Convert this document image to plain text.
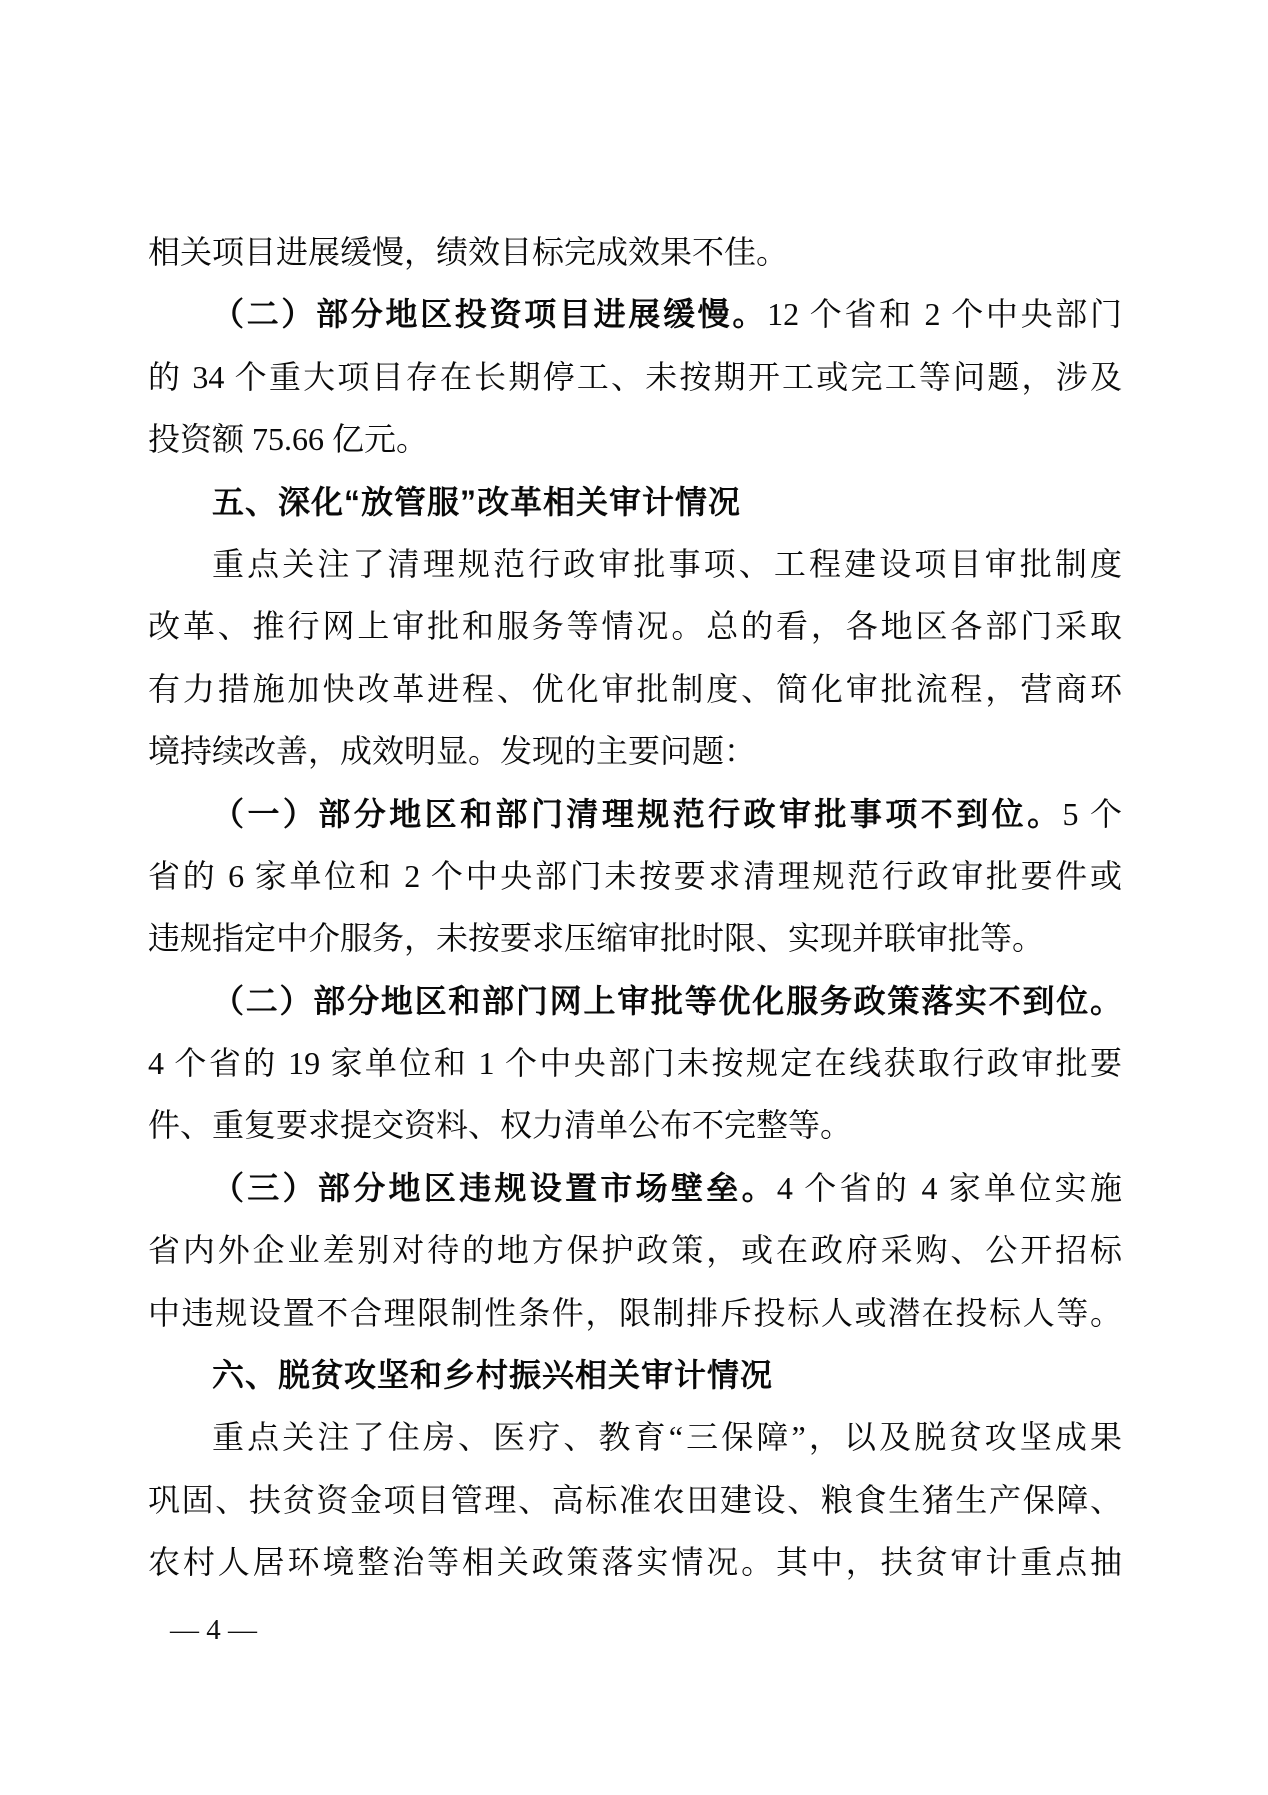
相关项目进展缓慢，绩效目标完成效果不佳。
（二）部分地区投资项目进展缓慢。12 个省和 2 个中央部门
的 34 个重大项目存在长期停工、未按期开工或完工等问题，涉及
投资额 75.66 亿元。
五、深化“放管服”改革相关审计情况
重点关注了清理规范行政审批事项、工程建设项目审批制度
改革、推行网上审批和服务等情况。总的看，各地区各部门采取
有力措施加快改革进程、优化审批制度、简化审批流程，营商环
境持续改善，成效明显。发现的主要问题：
（一）部分地区和部门清理规范行政审批事项不到位。5 个
省的 6 家单位和 2 个中央部门未按要求清理规范行政审批要件或
违规指定中介服务，未按要求压缩审批时限、实现并联审批等。
（二）部分地区和部门网上审批等优化服务政策落实不到位。
4 个省的 19 家单位和 1 个中央部门未按规定在线获取行政审批要
件、重复要求提交资料、权力清单公布不完整等。
（三）部分地区违规设置市场壁垒。4 个省的 4 家单位实施
省内外企业差别对待的地方保护政策，或在政府采购、公开招标
中违规设置不合理限制性条件，限制排斥投标人或潜在投标人等。
六、脱贫攻坚和乡村振兴相关审计情况
重点关注了住房、医疗、教育“三保障”，以及脱贫攻坚成果
巩固、扶贫资金项目管理、高标准农田建设、粮食生猪生产保障、
农村人居环境整治等相关政策落实情况。其中，扶贫审计重点抽
— 4 —
